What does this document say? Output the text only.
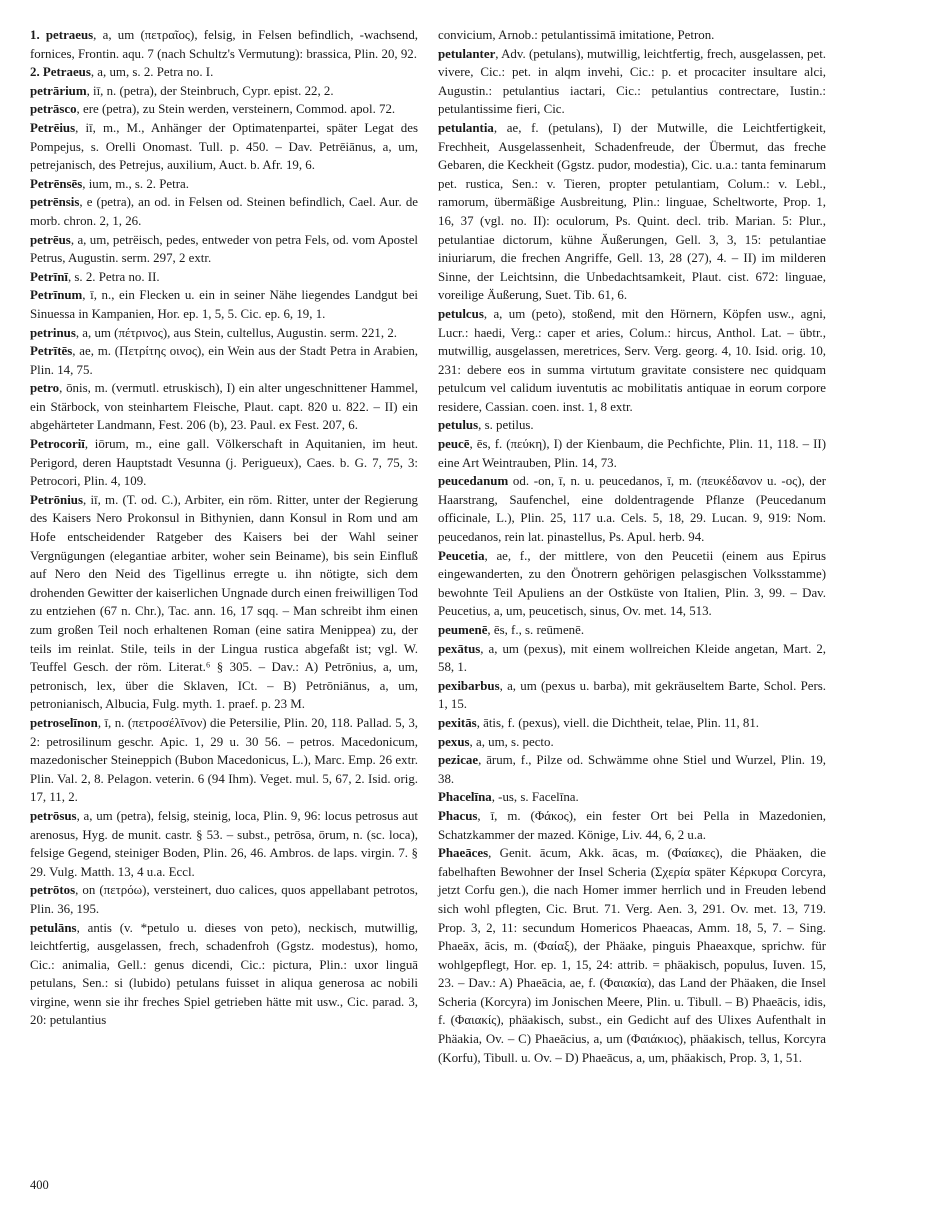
1. petraeus, a, um (πετραῖος), felsig, in Felsen befindlich, -wachsend, fornices, Frontin. aqu. 7 (nach Schultz's Vermutung): brassica, Plin. 20, 92.

2. Petraeus, a, um, s. 2. Petra no. I.

petrārium, iī, n. (petra), der Steinbruch, Cypr. epist. 22, 2.

petrāsco, ere (petra), zu Stein werden, versteinern, Commod. apol. 72.

Petrēius, iī, m., M., Anhänger der Optimatenpartei, später Legat des Pompejus, s. Orelli Onomast. Tull. p. 450. – Dav. Petrēiānus, a, um, petrejanisch, des Petrejus, auxilium, Auct. b. Afr. 19, 6.

Petrēnsēs, ium, m., s. 2. Petra.

petrēnsis, e (petra), an od. in Felsen od. Steinen befindlich, Cael. Aur. de morb. chron. 2, 1, 26.

petrēus, a, um, petrëisch, pedes, entweder von petra Fels, od. vom Apostel Petrus, Augustin. serm. 297, 2 extr.

Petrīnī, s. 2. Petra no. II.

Petrīnum, ī, n., ein Flecken u. ein in seiner Nähe liegendes Landgut bei Sinuessa in Kampanien, Hor. ep. 1, 5, 5. Cic. ep. 6, 19, 1.

petrinus, a, um (πέτρινος), aus Stein, cultellus, Augustin. serm. 221, 2.

Petrītēs, ae, m. (Πετρίτης οινος), ein Wein aus der Stadt Petra in Arabien, Plin. 14, 75.

petro, ōnis, m. (vermutl. etruskisch), I) ein alter ungeschnittener Hammel, ein Stärbock, von steinhartem Fleische, Plaut. capt. 820 u. 822. – II) ein abgehärteter Landmann, Fest. 206 (b), 23. Paul. ex Fest. 207, 6.

Petrocoriī, iōrum, m., eine gall. Völkerschaft in Aquitanien, im heut. Perigord, deren Hauptstadt Vesunna (j. Perigueux), Caes. b. G. 7, 75, 3: Petrocori, Plin. 4, 109.

Petrōnius, iī, m. (T. od. C.), Arbiter, ein röm. Ritter, unter der Regierung des Kaisers Nero Prokonsul in Bithynien, dann Konsul in Rom und am Hofe entscheidender Ratgeber des Kaisers bei der Wahl seiner Vergnügungen (elegantiae arbiter, woher sein Beiname), bis sein Einfluß auf Nero den Neid des Tigellinus erregte u. ihn nötigte, sich dem drohenden Gewitter der kaiserlichen Ungnade durch einen freiwilligen Tod zu entziehen (67 n. Chr.), Tac. ann. 16, 17 sqq. – Man schreibt ihm einen zum großen Teil noch erhaltenen Roman (eine satira Menippea) zu, der teils im reinlat. Stile, teils in der Lingua rustica abgefaßt ist; vgl. W. Teuffel Gesch. der röm. Literat.⁶ § 305. – Dav.: A) Petrōnius, a, um, petronisch, lex, über die Sklaven, ICt. – B) Petrōniānus, a, um, petronianisch, Albucia, Fulg. myth. 1. praef. p. 23 M.

petroselīnon, ī, n. (πετροσέλῑνον) die Petersilie, Plin. 20, 118. Pallad. 5, 3, 2: petrosilinum geschr. Apic. 1, 29 u. 30 56. – petros. Macedonicum, mazedonischer Steineppich (Bubon Macedonicus, L.), Marc. Emp. 26 extr. Plin. Val. 2, 8. Pelagon. veterin. 6 (94 Ihm). Veget. mul. 5, 67, 2. Isid. orig. 17, 11, 2.

petrōsus, a, um (petra), felsig, steinig, loca, Plin. 9, 96: locus petrosus aut arenosus, Hyg. de munit. castr. § 53. – subst., petrōsa, ōrum, n. (sc. loca), felsige Gegend, steiniger Boden, Plin. 26, 46. Ambros. de laps. virgin. 7. § 29. Vulg. Matth. 13, 4 u.a. Eccl.

petrōtos, on (πετρόω), versteinert, duo calices, quos appellabant petrotos, Plin. 36, 195.

petulāns, antis (v. *petulo u. dieses von peto), neckisch, mutwillig, leichtfertig, ausgelassen, frech, schadenfroh (Ggstz. modestus), homo, Cic.: animalia, Gell.: genus dicendi, Cic.: pictura, Plin.: uxor linguā petulans, Sen.: si (lubido) petulans fuisset in aliqua generosa ac nobili virgine, wenn sie ihr freches Spiel getrieben hätte mit usw., Cic. parad. 3, 20: petulantius

convicium, Arnob.: petulantissimā imitatione, Petron.

petulanter, Adv. (petulans), mutwillig, leichtfertig, frech, ausgelassen, pet. vivere, Cic.: pet. in alqm invehi, Cic.: p. et procaciter insultare alci, Augustin.: petulantius iactari, Cic.: petulantius contrectare, Iustin.: petulantissime fieri, Cic.

petulantia, ae, f. (petulans), I) der Mutwille, die Leichtfertigkeit, Frechheit, Ausgelassenheit, Schadenfreude, der Übermut, das freche Gebaren, die Keckheit (Ggstz. pudor, modestia), Cic. u.a.: tanta feminarum pet. rustica, Sen.: v. Tieren, propter petulantiam, Colum.: v. Lebl., ramorum, übermäßige Ausbreitung, Plin.: linguae, Scheltworte, Prop. 1, 16, 37 (vgl. no. II): oculorum, Ps. Quint. decl. trib. Marian. 5: Plur., petulantiae dictorum, kühne Äußerungen, Gell. 3, 3, 15: petulantiae iniuriarum, die frechen Angriffe, Gell. 13, 28 (27), 4. – II) im milderen Sinne, der Leichtsinn, die Unbedachtsamkeit, Plaut. cist. 672: linguae, voreilige Äußerung, Suet. Tib. 61, 6.

petulcus, a, um (peto), stoßend, mit den Hörnern, Köpfen usw., agni, Lucr.: haedi, Verg.: caper et aries, Colum.: hircus, Anthol. Lat. – übtr., mutwillig, ausgelassen, meretrices, Serv. Verg. georg. 4, 10. Isid. orig. 10, 231: debere eos in summa virtutum gravitate consistere nec quidquam petulcum vel calidum iuventutis ac mobilitatis antiquae in eorum corpore residere, Cassian. coen. inst. 1, 8 extr.

petulus, s. petilus.

peucē, ēs, f. (πεύκη), I) der Kienbaum, die Pechfichte, Plin. 11, 118. – II) eine Art Weintrauben, Plin. 14, 73.

peucedanum od. -on, ī, n. u. peucedanos, ī, m. (πευκέδανον u. -ος), der Haarstrang, Saufenchel, eine doldentragende Pflanze (Peucedanum officinale, L.), Plin. 25, 117 u.a. Cels. 5, 18, 29. Lucan. 9, 919: Nom. peucedanos, rein lat. pinastellus, Ps. Apul. herb. 94.

Peucetia, ae, f., der mittlere, von den Peucetii (einem aus Epirus eingewanderten, zu den Önotrern gehörigen pelasgischen Volksstamme) bewohnte Teil Apuliens an der Ostküste von Italien, Plin. 3, 99. – Dav. Peucetius, a, um, peucetisch, sinus, Ov. met. 14, 513.

peumenē, ēs, f., s. reūmenē.

pexātus, a, um (pexus), mit einem wollreichen Kleide angetan, Mart. 2, 58, 1.

pexibarbus, a, um (pexus u. barba), mit gekräuseltem Barte, Schol. Pers. 1, 15.

pexitās, ātis, f. (pexus), viell. die Dichtheit, telae, Plin. 11, 81.

pexus, a, um, s. pecto.

pezicae, ārum, f., Pilze od. Schwämme ohne Stiel und Wurzel, Plin. 19, 38.

Phacelīna, -us, s. Facelīna.

Phacus, ī, m. (Φάκος), ein fester Ort bei Pella in Mazedonien, Schatzkammer der mazed. Könige, Liv. 44, 6, 2 u.a.

Phaeāces, Genit. ācum, Akk. ācas, m. (Φαίακες), die Phäaken, die fabelhaften Bewohner der Insel Scheria (Σχερία später Κέρκυρα Corcyra, jetzt Corfu gen.), die nach Homer immer herrlich und in Freuden lebend sich wohl pflegten, Cic. Brut. 71. Verg. Aen. 3, 291. Ov. met. 13, 719. Prop. 3, 2, 11: secundum Homericos Phaeacas, Amm. 18, 5, 7. – Sing. Phaeāx, ācis, m. (Φαίαξ), der Phäake, pinguis Phaeaxque, sprichw. für wohlgepflegt, Hor. ep. 1, 15, 24: attrib. = phäakisch, populus, Iuven. 15, 23. – Dav.: A) Phaeācia, ae, f. (Φαιακία), das Land der Phäaken, die Insel Scheria (Korcyra) im Jonischen Meere, Plin. u. Tibull. – B) Phaeācis, idis, f. (Φαιακίς), phäakisch, subst., ein Gedicht auf des Ulixes Aufenthalt in Phäakia, Ov. – C) Phaeācius, a, um (Φαιάκιος), phäakisch, tellus, Korcyra (Korfu), Tibull. u. Ov. – D) Phaeācus, a, um, phäakisch, Prop. 3, 1, 51.

400
